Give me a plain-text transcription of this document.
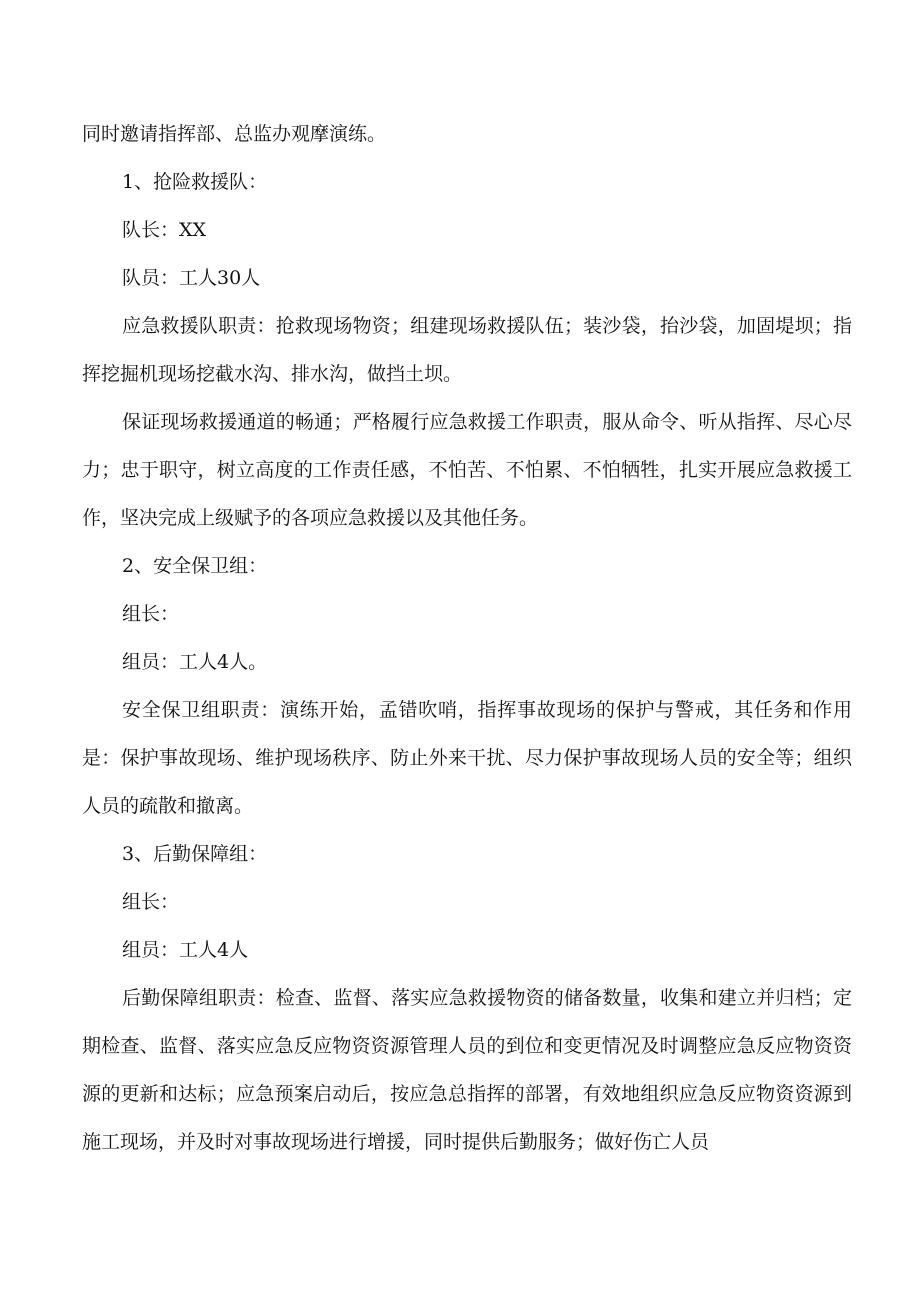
同时邀请指挥部、总监办观摩演练。

1、抢险救援队：

队长：XX

队员：工人30人

应急救援队职责：抢救现场物资；组建现场救援队伍；装沙袋，抬沙袋，加固堤坝；指挥挖掘机现场挖截水沟、排水沟，做挡土坝。

保证现场救援通道的畅通；严格履行应急救援工作职责，服从命令、听从指挥、尽心尽力；忠于职守，树立高度的工作责任感，不怕苦、不怕累、不怕牺牲，扎实开展应急救援工作，坚决完成上级赋予的各项应急救援以及其他任务。

2、安全保卫组：

组长：

组员：工人4人。

安全保卫组职责：演练开始，孟错吹哨，指挥事故现场的保护与警戒，其任务和作用是：保护事故现场、维护现场秩序、防止外来干扰、尽力保护事故现场人员的安全等；组织人员的疏散和撤离。

3、后勤保障组：

组长：

组员：工人4人

后勤保障组职责：检查、监督、落实应急救援物资的储备数量，收集和建立并归档；定期检查、监督、落实应急反应物资资源管理人员的到位和变更情况及时调整应急反应物资资源的更新和达标；应急预案启动后，按应急总指挥的部署，有效地组织应急反应物资资源到施工现场，并及时对事故现场进行增援，同时提供后勤服务；做好伤亡人员
